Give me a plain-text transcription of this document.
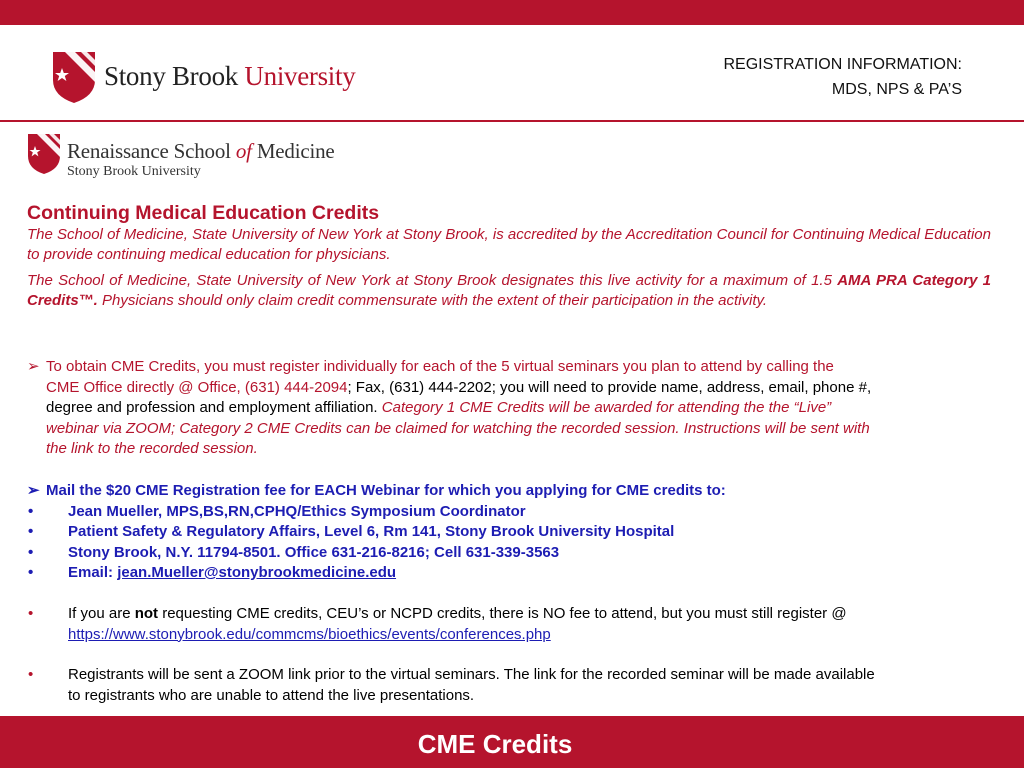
Stony Brook University	REGISTRATION INFORMATION:
MDS, NPS & PA’S
Renaissance School of Medicine
Stony Brook University
Continuing Medical Education Credits

The School of Medicine, State University of New York at Stony Brook, is accredited by the Accreditation Council for Continuing Medical Education to provide continuing medical education for physicians.

The School of Medicine, State University of New York at Stony Brook designates this live activity for a maximum of 1.5 AMA PRA Category 1 Credits™. Physicians should only claim credit commensurate with the extent of their participation in the activity.

➢ To obtain CME Credits, you must register individually for each of the 5 virtual seminars you plan to attend by calling the
CME Office directly @ Office, (631) 444-2094; Fax, (631) 444-2202; you will need to provide name, address, email, phone #,
degree and profession and employment affiliation. Category 1 CME Credits will be awarded for attending the the “Live”
webinar via ZOOM; Category 2 CME Credits can be claimed for watching the recorded session. Instructions will be sent with
the link to the recorded session.
➢ Mail the $20 CME Registration fee for EACH Webinar for which you applying for CME credits to:
• Jean Mueller, MPS,BS,RN,CPHQ/Ethics Symposium Coordinator
• Patient Safety & Regulatory Affairs, Level 6, Rm 141, Stony Brook University Hospital
• Stony Brook, N.Y. 11794-8501. Office 631-216-8216; Cell 631-339-3563
• Email: jean.Mueller@stonybrookmedicine.edu
• If you are not requesting CME credits, CEU’s or NCPD credits, there is NO fee to attend, but you must still register @
https://www.stonybrook.edu/commcms/bioethics/events/conferences.php
• Registrants will be sent a ZOOM link prior to the virtual seminars. The link for the recorded seminar will be made available
to registrants who are unable to attend the live presentations.
CME Credits
